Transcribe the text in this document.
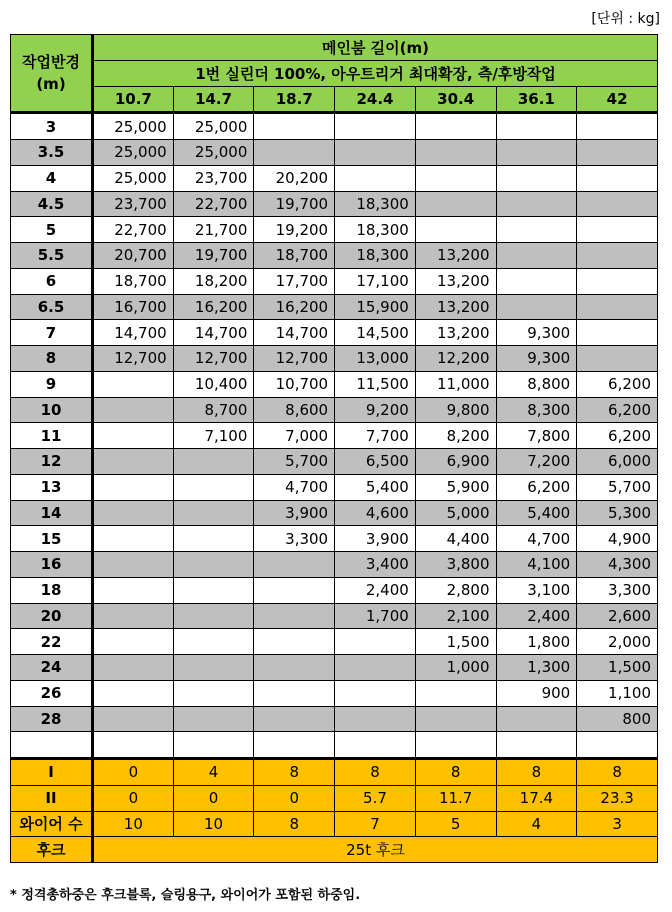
[단위 : kg]
작업반경
(m)	메인붐 길이(m)						
	1번 실린더 100%, 아우트리거 최대확장, 측/후방작업						
	10.7	14.7	18.7	24.4	30.4	36.1	42
3	25,000	25,000					
3.5	25,000	25,000					
4	25,000	23,700	20,200				
4.5	23,700	22,700	19,700	18,300			
5	22,700	21,700	19,200	18,300			
5.5	20,700	19,700	18,700	18,300	13,200		
6	18,700	18,200	17,700	17,100	13,200		
6.5	16,700	16,200	16,200	15,900	13,200		
7	14,700	14,700	14,700	14,500	13,200	9,300	
8	12,700	12,700	12,700	13,000	12,200	9,300	
9		10,400	10,700	11,500	11,000	8,800	6,200
10		8,700	8,600	9,200	9,800	8,300	6,200
11		7,100	7,000	7,700	8,200	7,800	6,200
12			5,700	6,500	6,900	7,200	6,000
13			4,700	5,400	5,900	6,200	5,700
14			3,900	4,600	5,000	5,400	5,300
15			3,300	3,900	4,400	4,700	4,900
16				3,400	3,800	4,100	4,300
18				2,400	2,800	3,100	3,300
20				1,700	2,100	2,400	2,600
22					1,500	1,800	2,000
24					1,000	1,300	1,500
26						900	1,100
28							800

I	0	4	8	8	8	8	8
II	0	0	0	5.7	11.7	17.4	23.3
와이어 수	10	10	8	7	5	4	3
후크	25t 후크						
* 정격총하중은 후크블록, 슬링용구, 와이어가 포함된 하중임.
